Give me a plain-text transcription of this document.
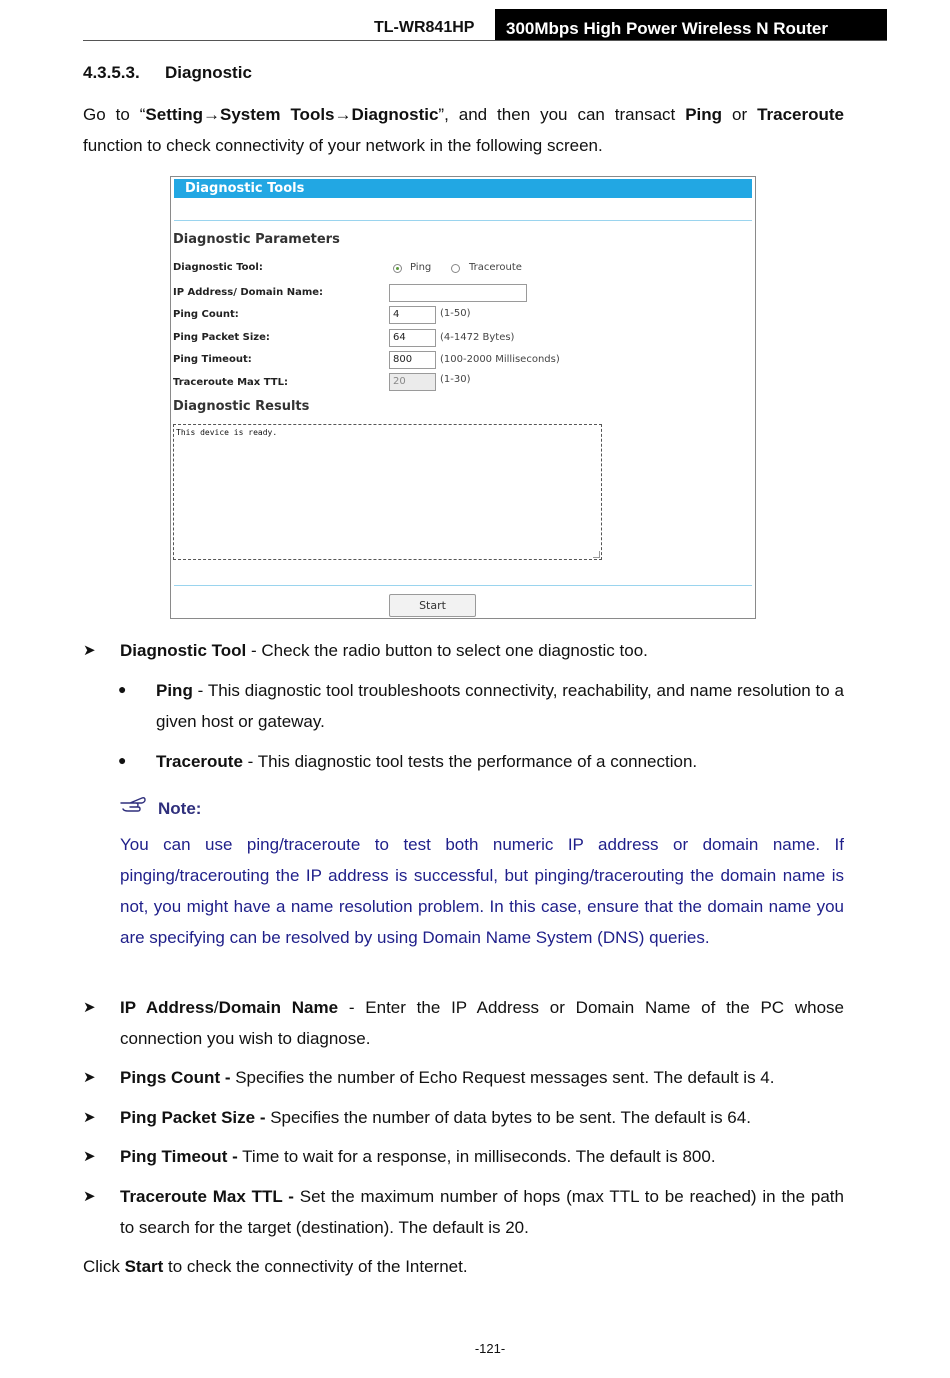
TL-WR841HP	300Mbps High Power Wireless N Router
4.3.5.3. Diagnostic
Go to “Setting→System Tools→Diagnostic”, and then you can transact Ping or Traceroute function to check connectivity of your network in the following screen.
Diagnostic Tools
Diagnostic Parameters
Diagnostic Tool:	Ping	Traceroute
IP Address/ Domain Name:
Ping Count:	4	(1-50)
Ping Packet Size:	64	(4-1472 Bytes)
Ping Timeout:	800	(100-2000 Milliseconds)
Traceroute Max TTL:	20	(1-30)
Diagnostic Results
This device is ready.
Start
➤ Diagnostic Tool - Check the radio button to select one diagnostic too.
● Ping - This diagnostic tool troubleshoots connectivity, reachability, and name resolution to a given host or gateway.
● Traceroute - This diagnostic tool tests the performance of a connection.
Note:
You can use ping/traceroute to test both numeric IP address or domain name. If pinging/tracerouting the IP address is successful, but pinging/tracerouting the domain name is not, you might have a name resolution problem. In this case, ensure that the domain name you are specifying can be resolved by using Domain Name System (DNS) queries.
➤ IP Address/Domain Name - Enter the IP Address or Domain Name of the PC whose connection you wish to diagnose.
➤ Pings Count - Specifies the number of Echo Request messages sent. The default is 4.
➤ Ping Packet Size - Specifies the number of data bytes to be sent. The default is 64.
➤ Ping Timeout - Time to wait for a response, in milliseconds. The default is 800.
➤ Traceroute Max TTL - Set the maximum number of hops (max TTL to be reached) in the path to search for the target (destination). The default is 20.
Click Start to check the connectivity of the Internet.
-121-
